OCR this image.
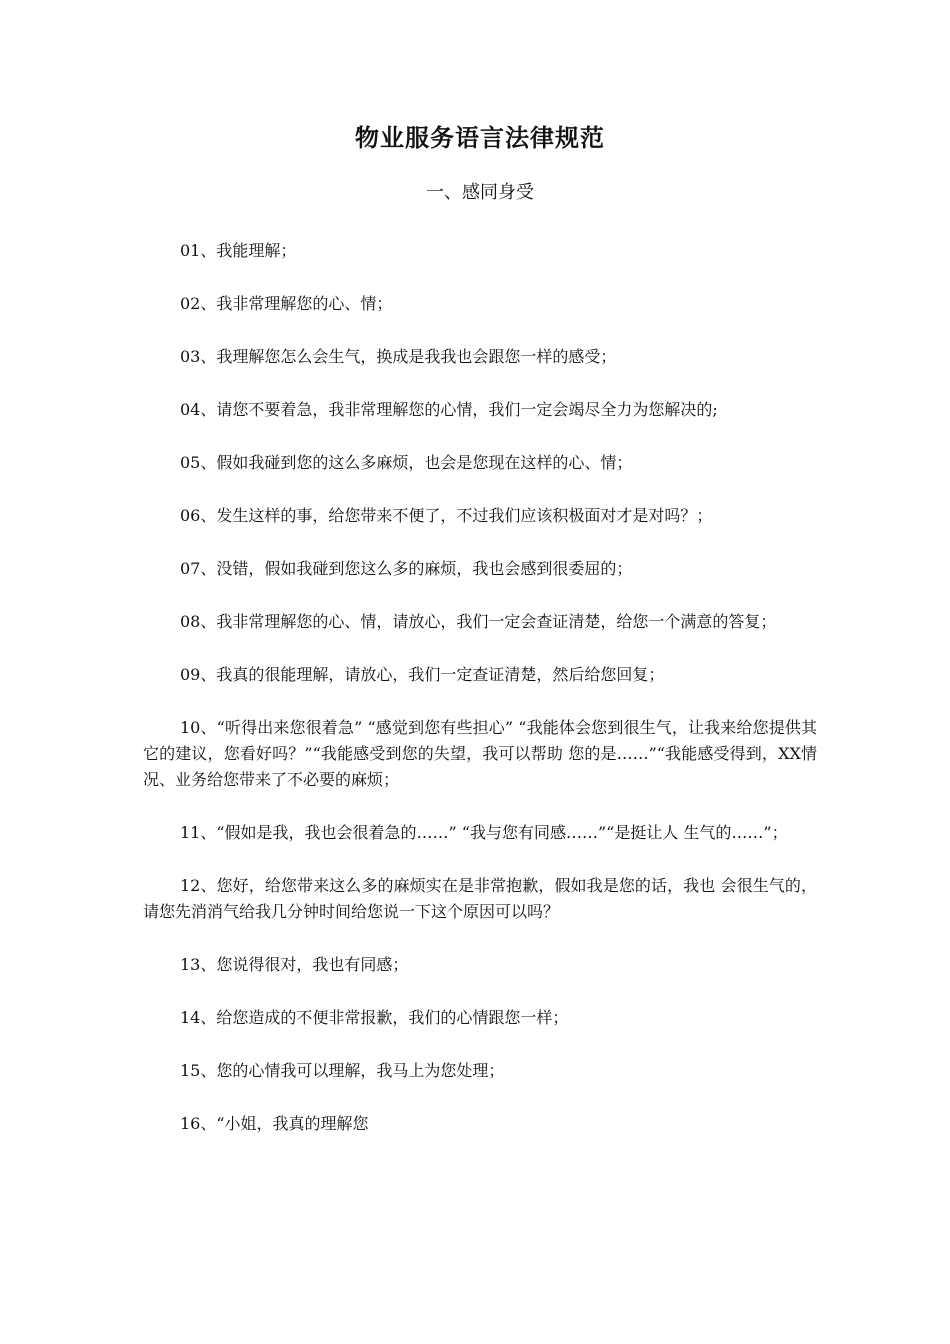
物业服务语言法律规范
一、感同身受

01、我能理解；

02、我非常理解您的心、情；

03、我理解您怎么会生气，换成是我我也会跟您一样的感受；

04、请您不要着急，我非常理解您的心情，我们一定会竭尽全力为您解决的;

05、假如我碰到您的这么多麻烦，也会是您现在这样的心、情；

06、发生这样的事，给您带来不便了，不过我们应该积极面对才是对吗？；

07、没错，假如我碰到您这么多的麻烦，我也会感到很委屈的；

08、我非常理解您的心、情，请放心，我们一定会查证清楚，给您一个满意的答复；

09、我真的很能理解，请放心，我们一定查证清楚，然后给您回复；

10、“听得出来您很着急” “感觉到您有些担心” “我能体会您到很生气，让我来给您提供其它的建议，您看好吗？”“我能感受到您的失望，我可以帮助 您的是……”“我能感受得到，XX情况、业务给您带来了不必要的麻烦；

11、“假如是我，我也会很着急的……” “我与您有同感……”“是挺让人 生气的……”；

12、您好，给您带来这么多的麻烦实在是非常抱歉，假如我是您的话，我也 会很生气的，请您先消消气给我几分钟时间给您说一下这个原因可以吗？

13、您说得很对，我也有同感；

14、给您造成的不便非常报歉，我们的心情跟您一样；

15、您的心情我可以理解，我马上为您处理；

16、“小姐，我真的理解您
